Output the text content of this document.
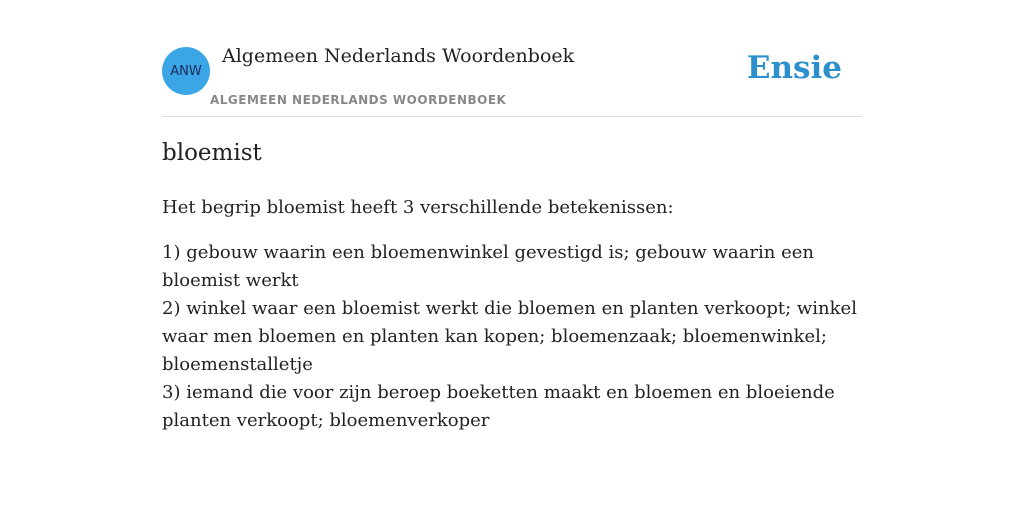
ANW
Algemeen Nederlands Woordenboek
ALGEMEEN NEDERLANDS WOORDENBOEK
Ensie
bloemist

Het begrip bloemist heeft 3 verschillende betekenissen:

1) gebouw waarin een bloemenwinkel gevestigd is; gebouw waarin een bloemist werkt
2) winkel waar een bloemist werkt die bloemen en planten verkoopt; winkel waar men bloemen en planten kan kopen; bloemenzaak; bloemenwinkel; bloemenstalletje
3) iemand die voor zijn beroep boeketten maakt en bloemen en bloeiende planten verkoopt; bloemenverkoper
